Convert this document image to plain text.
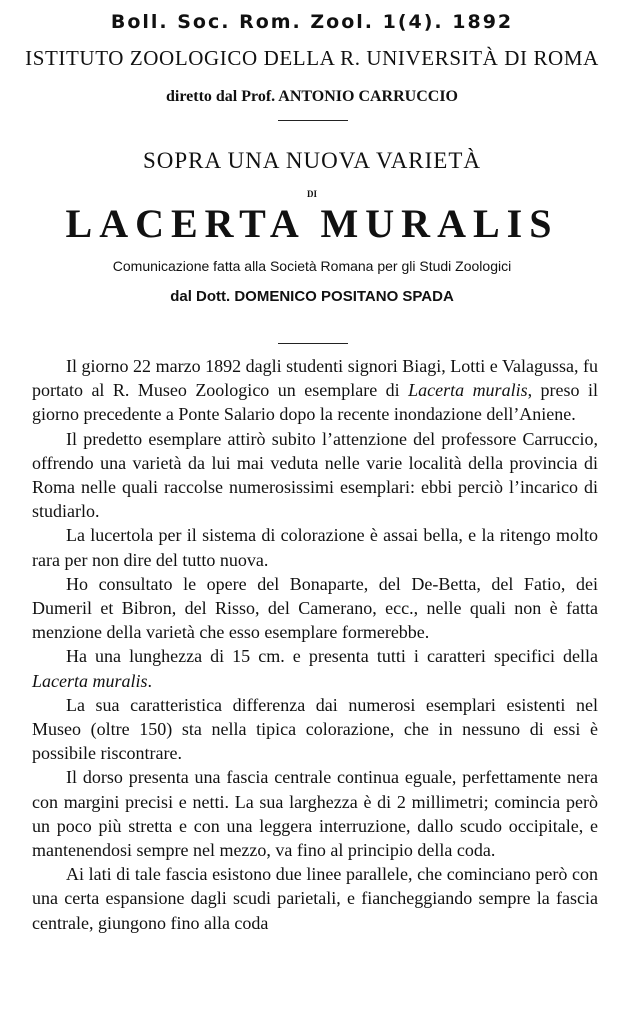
Boll. Soc. Rom. Zool. 1(4). 1892
ISTITUTO ZOOLOGICO DELLA R. UNIVERSITÀ DI ROMA
diretto dal Prof. ANTONIO CARRUCCIO
SOPRA UNA NUOVA VARIETÀ
DI
LACERTA MURALIS
Comunicazione fatta alla Società Romana per gli Studi Zoologici
dal Dott. DOMENICO POSITANO SPADA

Il giorno 22 marzo 1892 dagli studenti signori Biagi, Lotti e Valagussa, fu portato al R. Museo Zoologico un esemplare di Lacerta muralis, preso il giorno precedente a Ponte Salario dopo la recente inondazione dell’Aniene.

Il predetto esemplare attirò subito l’attenzione del professore Carruccio, offrendo una varietà da lui mai veduta nelle varie località della provincia di Roma nelle quali raccolse numerosissimi esemplari: ebbi perciò l’incarico di studiarlo.

La lucertola per il sistema di colorazione è assai bella, e la ritengo molto rara per non dire del tutto nuova.

Ho consultato le opere del Bonaparte, del De-Betta, del Fatio, dei Dumeril et Bibron, del Risso, del Camerano, ecc., nelle quali non è fatta menzione della varietà che esso esemplare formerebbe.

Ha una lunghezza di 15 cm. e presenta tutti i caratteri specifici della Lacerta muralis.

La sua caratteristica differenza dai numerosi esemplari esistenti nel Museo (oltre 150) sta nella tipica colorazione, che in nessuno di essi è possibile riscontrare.

Il dorso presenta una fascia centrale continua eguale, perfettamente nera con margini precisi e netti. La sua larghezza è di 2 millimetri; comincia però un poco più stretta e con una leggera interruzione, dallo scudo occipitale, e mantenendosi sempre nel mezzo, va fino al principio della coda.

Ai lati di tale fascia esistono due linee parallele, che cominciano però con una certa espansione dagli scudi parietali, e fiancheggiando sempre la fascia centrale, giungono fino alla coda
